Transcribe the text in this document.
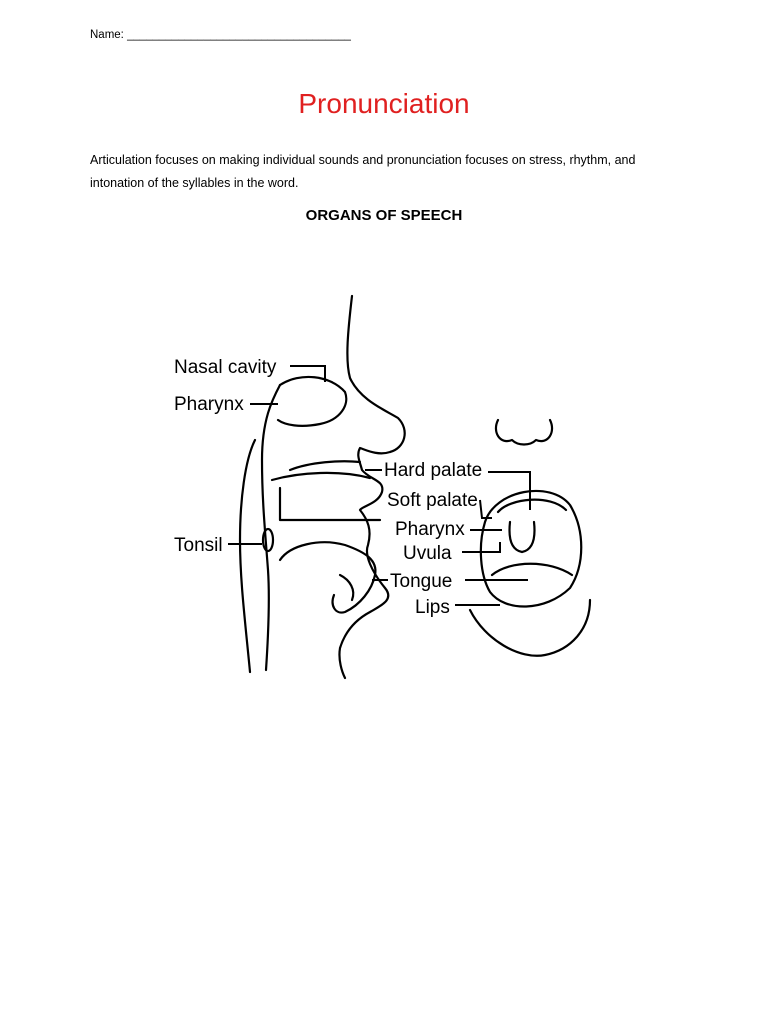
Name: ___________________________________
Pronunciation
Articulation focuses on making individual sounds and pronunciation focuses on stress, rhythm, and intonation of the syllables in the word.
ORGANS OF SPEECH
Nasal cavity
Pharynx
Tonsil
Hard palate
Soft palate
Pharynx
Uvula
Tongue
Lips
